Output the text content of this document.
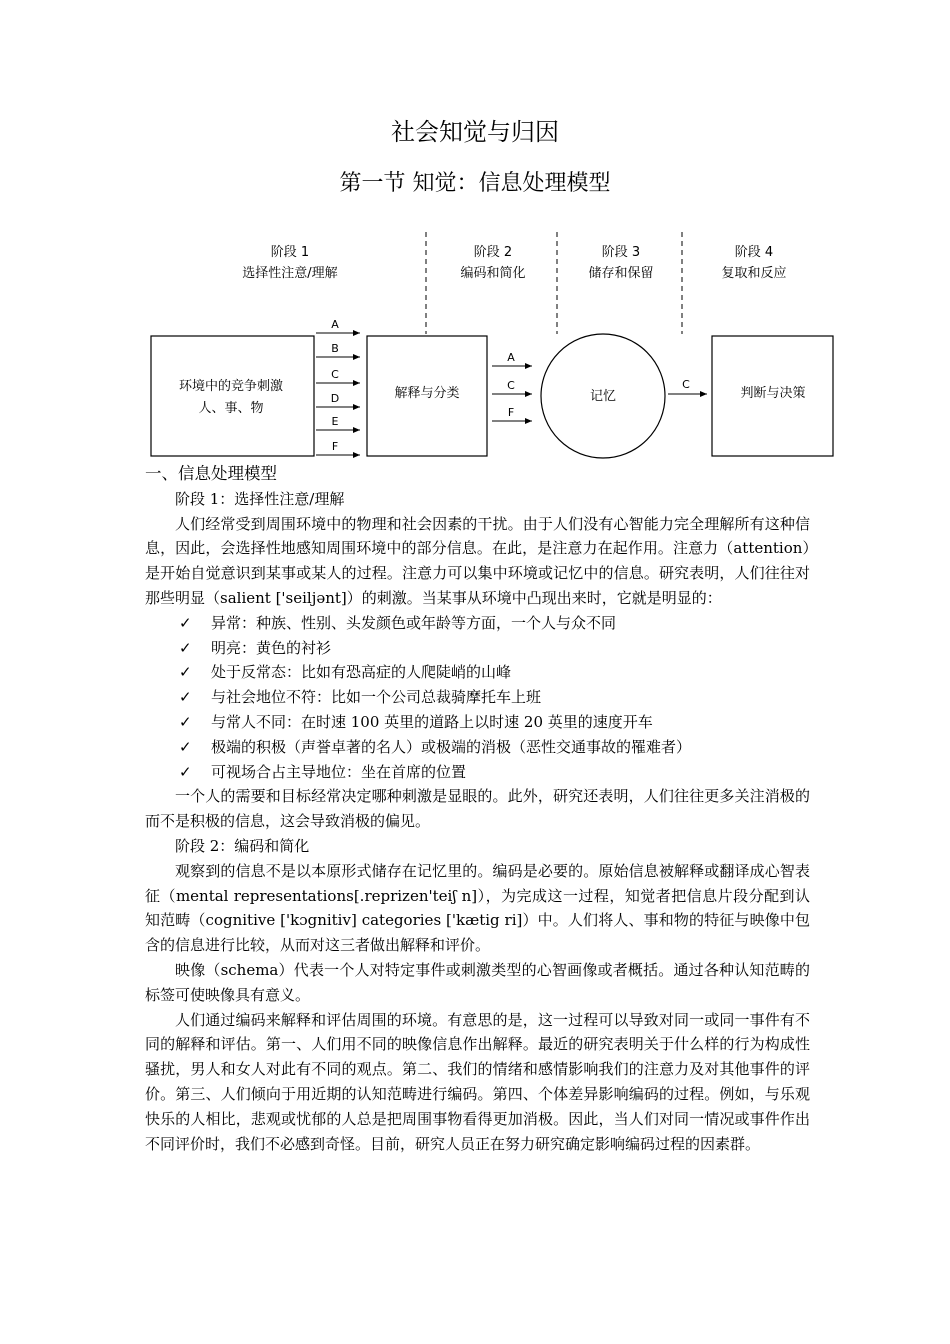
社会知觉与归因
第一节 知觉：信息处理模型
阶段 1
选择性注意/理解
阶段 2
编码和简化
阶段 3
储存和保留
阶段 4
复取和反应
环境中的竞争刺激
人、事、物
A
B
C
D
E
F
解释与分类
A
C
F
记忆
C
判断与决策

一、信息处理模型

阶段 1：选择性注意/理解

人们经常受到周围环境中的物理和社会因素的干扰。由于人们没有心智能力完全理解所有这种信息，因此，会选择性地感知周围环境中的部分信息。在此，是注意力在起作用。注意力（attention）是开始自觉意识到某事或某人的过程。注意力可以集中环境或记忆中的信息。研究表明，人们往往对那些明显（salient ['seiljənt]）的刺激。当某事从环境中凸现出来时，它就是明显的：

✓ 异常：种族、性别、头发颜色或年龄等方面，一个人与众不同

✓ 明亮：黄色的衬衫

✓ 处于反常态：比如有恐高症的人爬陡峭的山峰

✓ 与社会地位不符：比如一个公司总裁骑摩托车上班

✓ 与常人不同：在时速 100 英里的道路上以时速 20 英里的速度开车

✓ 极端的积极（声誉卓著的名人）或极端的消极（恶性交通事故的罹难者）

✓ 可视场合占主导地位：坐在首席的位置

一个人的需要和目标经常决定哪种刺激是显眼的。此外，研究还表明，人们往往更多关注消极的而不是积极的信息，这会导致消极的偏见。

阶段 2：编码和简化

观察到的信息不是以本原形式储存在记忆里的。编码是必要的。原始信息被解释或翻译成心智表征（mental representations[.reprizen'teiʃ n]），为完成这一过程，知觉者把信息片段分配到认知范畴（cognitive ['kɔgnitiv] categories ['kætig ri]）中。人们将人、事和物的特征与映像中包含的信息进行比较，从而对这三者做出解释和评价。

映像（schema）代表一个人对特定事件或刺激类型的心智画像或者概括。通过各种认知范畴的标签可使映像具有意义。

人们通过编码来解释和评估周围的环境。有意思的是，这一过程可以导致对同一或同一事件有不同的解释和评估。第一、人们用不同的映像信息作出解释。最近的研究表明关于什么样的行为构成性骚扰，男人和女人对此有不同的观点。第二、我们的情绪和感情影响我们的注意力及对其他事件的评价。第三、人们倾向于用近期的认知范畴进行编码。第四、个体差异影响编码的过程。例如，与乐观快乐的人相比，悲观或忧郁的人总是把周围事物看得更加消极。因此，当人们对同一情况或事件作出不同评价时，我们不必感到奇怪。目前，研究人员正在努力研究确定影响编码过程的因素群。
